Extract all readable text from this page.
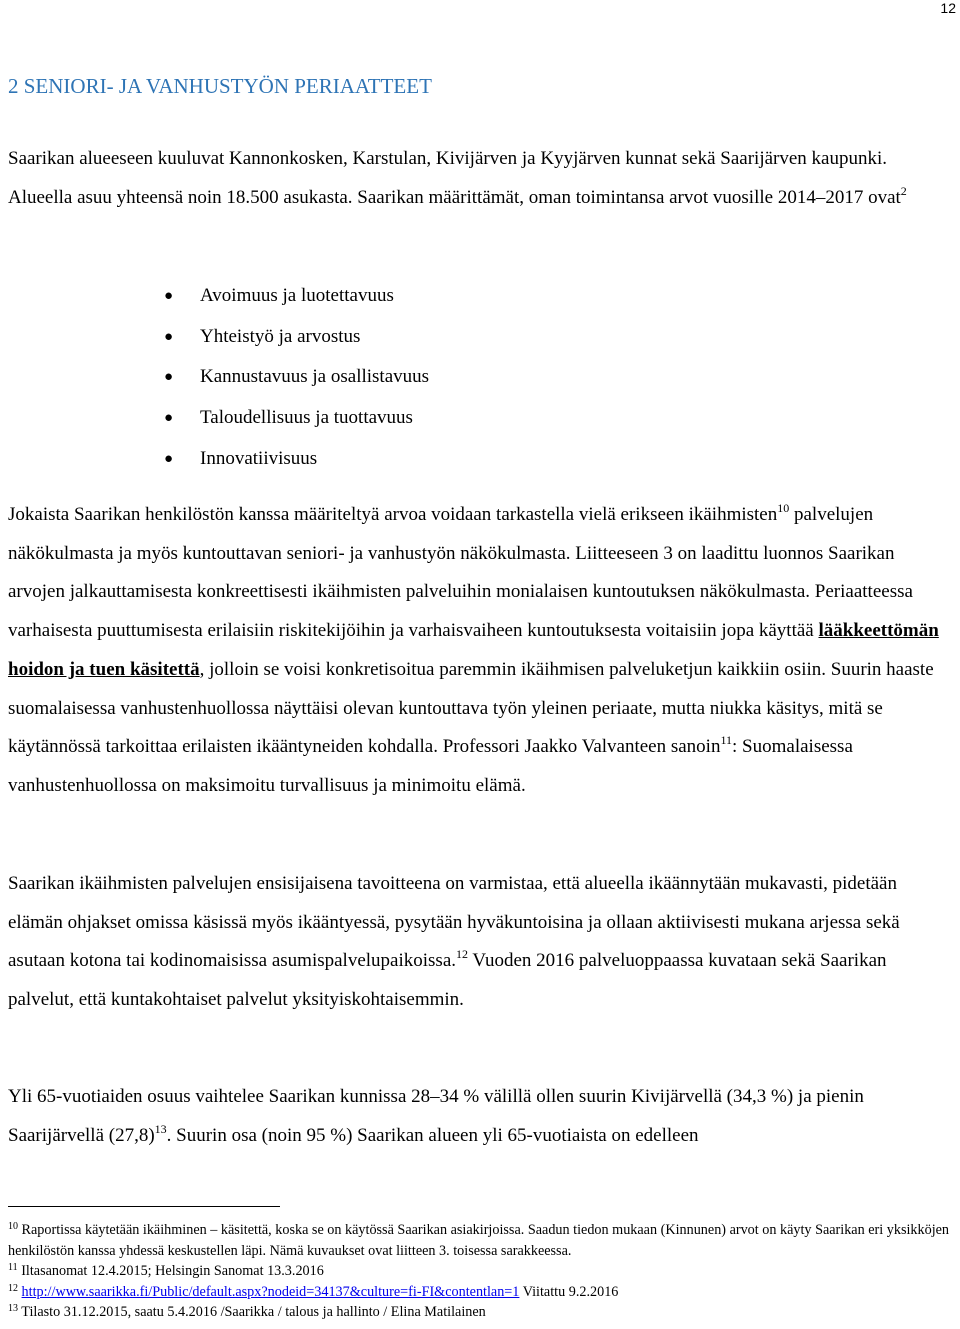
12
2 SENIORI- JA VANHUSTYÖN PERIAATTEET

Saarikan alueeseen kuuluvat Kannonkosken, Karstulan, Kivijärven ja Kyyjärven kunnat sekä Saarijärven kaupunki. Alueella asuu yhteensä noin 18.500 asukasta. Saarikan määrittämät, oman toimintansa arvot vuosille 2014–2017 ovat$^2$

● Avoimuus ja luotettavuus
● Yhteistyö ja arvostus
● Kannustavuus ja osallistavuus
● Taloudellisuus ja tuottavuus
● Innovatiivisuus

Jokaista Saarikan henkilöstön kanssa määriteltyä arvoa voidaan tarkastella vielä erikseen ikäihmisten$^{10}$ palvelujen näkökulmasta ja myös kuntouttavan seniori- ja vanhustyön näkökulmasta. Liitteeseen 3 on laadittu luonnos Saarikan arvojen jalkauttamisesta konkreettisesti ikäihmisten palveluihin monialaisen kuntoutuksen näkökulmasta. Periaatteessa varhaisesta puuttumisesta erilaisiin riskitekijöihin ja varhaisvaiheen kuntoutuksesta voitaisiin jopa käyttää lääkkeettömän hoidon ja tuen käsitettä, jolloin se voisi konkretisoitua paremmin ikäihmisen palveluketjun kaikkiin osiin. Suurin haaste suomalaisessa vanhustenhuollossa näyttäisi olevan kuntouttava työn yleinen periaate, mutta niukka käsitys, mitä se käytännössä tarkoittaa erilaisten ikääntyneiden kohdalla. Professori Jaakko Valvanteen sanoin$^{11}$: Suomalaisessa vanhustenhuollossa on maksimoitu turvallisuus ja minimoitu elämä.

Saarikan ikäihmisten palvelujen ensisijaisena tavoitteena on varmistaa, että alueella ikäännytään mukavasti, pidetään elämän ohjakset omissa käsissä myös ikääntyessä, pysytään hyväkuntoisina ja ollaan aktiivisesti mukana arjessa sekä asutaan kotona tai kodinomaisissa asumispalvelupaikoissa.$^{12}$ Vuoden 2016 palveluoppaassa kuvataan sekä Saarikan palvelut, että kuntakohtaiset palvelut yksityiskohtaisemmin.

Yli 65-vuotiaiden osuus vaihtelee Saarikan kunnissa 28–34 % välillä ollen suurin Kivijärvellä (34,3 %) ja pienin Saarijärvellä $(27,8)^{13}$. Suurin osa (noin 95 %) Saarikan alueen yli 65-vuotiaista on edelleen

$^{10}$ Raportissa käytetään ikäihminen – käsitettä, koska se on käytössä Saarikan asiakirjoissa. Saadun tiedon mukaan (Kinnunen) arvot on käyty Saarikan eri yksikköjen henkilöstön kanssa yhdessä keskustellen läpi. Nämä kuvaukset ovat liitteen 3. toisessa sarakkeessa.

$^{11}$ Iltasanomat 12.4.2015; Helsingin Sanomat 13.3.2016

$^{12}$ http://www.saarikka.fi/Public/default.aspx?nodeid=34137&culture=fi-FI&contentlan=1 Viitattu 9.2.2016

$^{13}$ Tilasto 31.12.2015, saatu 5.4.2016 /Saarikka / talous ja hallinto / Elina Matilainen
